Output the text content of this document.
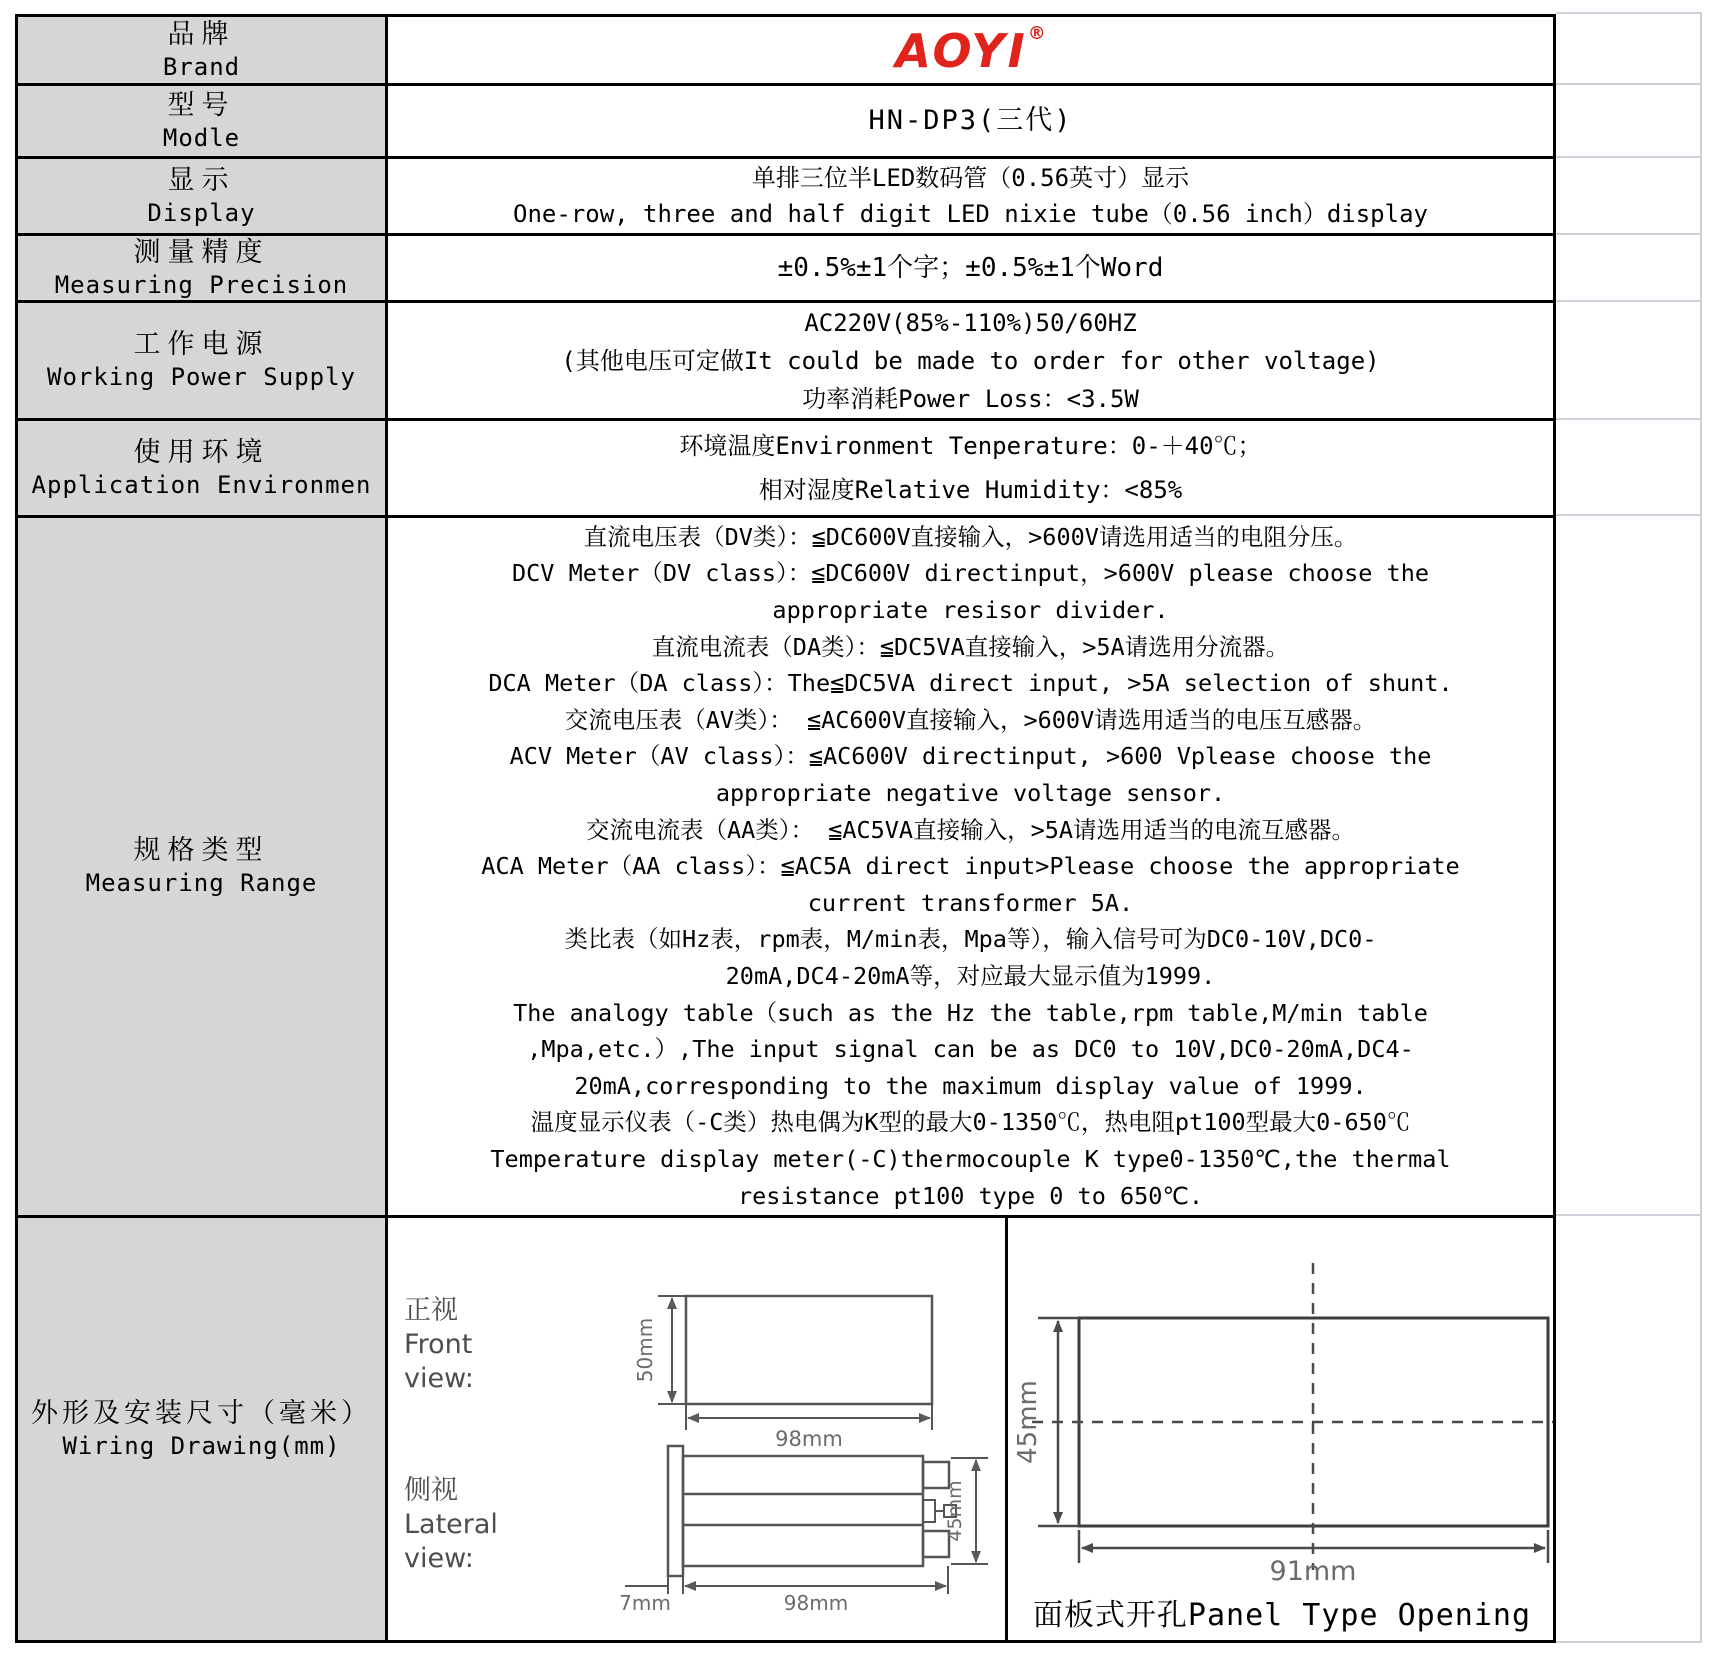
品牌
Brand	AOYI®
型号
Modle
HN-DP3(三代)
显示
Display
单排三位半LED数码管（0.56英寸）显示
One-row, three and half digit LED nixie tube（0.56 inch）display
测量精度
Measuring Precision
±0.5%±1个字；±0.5%±1个Word
工作电源
Working Power Supply
AC220V(85%-110%)50/60HZ
(其他电压可定做It could be made to order for other voltage)
功率消耗Power Loss：<3.5W
使用环境
Application Environmen
环境温度Environment Tenperature：0-＋40℃；
相对湿度Relative Humidity：<85%
规格类型
Measuring Range
直流电压表（DV类）：≦DC600V直接输入，>600V请选用适当的电阻分压。
DCV Meter（DV class）：≦DC600V directinput，>600V please choose the
appropriate resisor divider.
直流电流表（DA类）：≦DC5VA直接输入，>5A请选用分流器。
DCA Meter（DA class）：The≦DC5VA direct input, >5A selection of shunt.
交流电压表（AV类）： ≦AC600V直接输入，>600V请选用适当的电压互感器。
ACV Meter（AV class）：≦AC600V directinput, >600 Vplease choose the
appropriate negative voltage sensor.
交流电流表（AA类）： ≦AC5VA直接输入，>5A请选用适当的电流互感器。
ACA Meter（AA class）：≦AC5A direct input>Please choose the appropriate
current transformer 5A.
类比表（如Hz表，rpm表，M/min表，Mpa等），输入信号可为DC0-10V,DC0-
20mA,DC4-20mA等，对应最大显示值为1999.
The analogy table（such as the Hz the table,rpm table,M/min table
,Mpa,etc.）,The input signal can be as DC0 to 10V,DC0-20mA,DC4-
20mA,corresponding to the maximum display value of 1999.
温度显示仪表（-C类）热电偶为K型的最大0-1350℃，热电阻pt100型最大0-650℃
Temperature display meter(-C)thermocouple K type0-1350℃,the thermal
resistance pt100 type 0 to 650℃.
外形及安装尺寸（毫米）
Wiring Drawing(mm)
正视
Front
view:
侧视
Lateral
view:
50mm
98mm
45mm
7mm	98mm
45mm
91mm
面板式开孔Panel Type Opening
